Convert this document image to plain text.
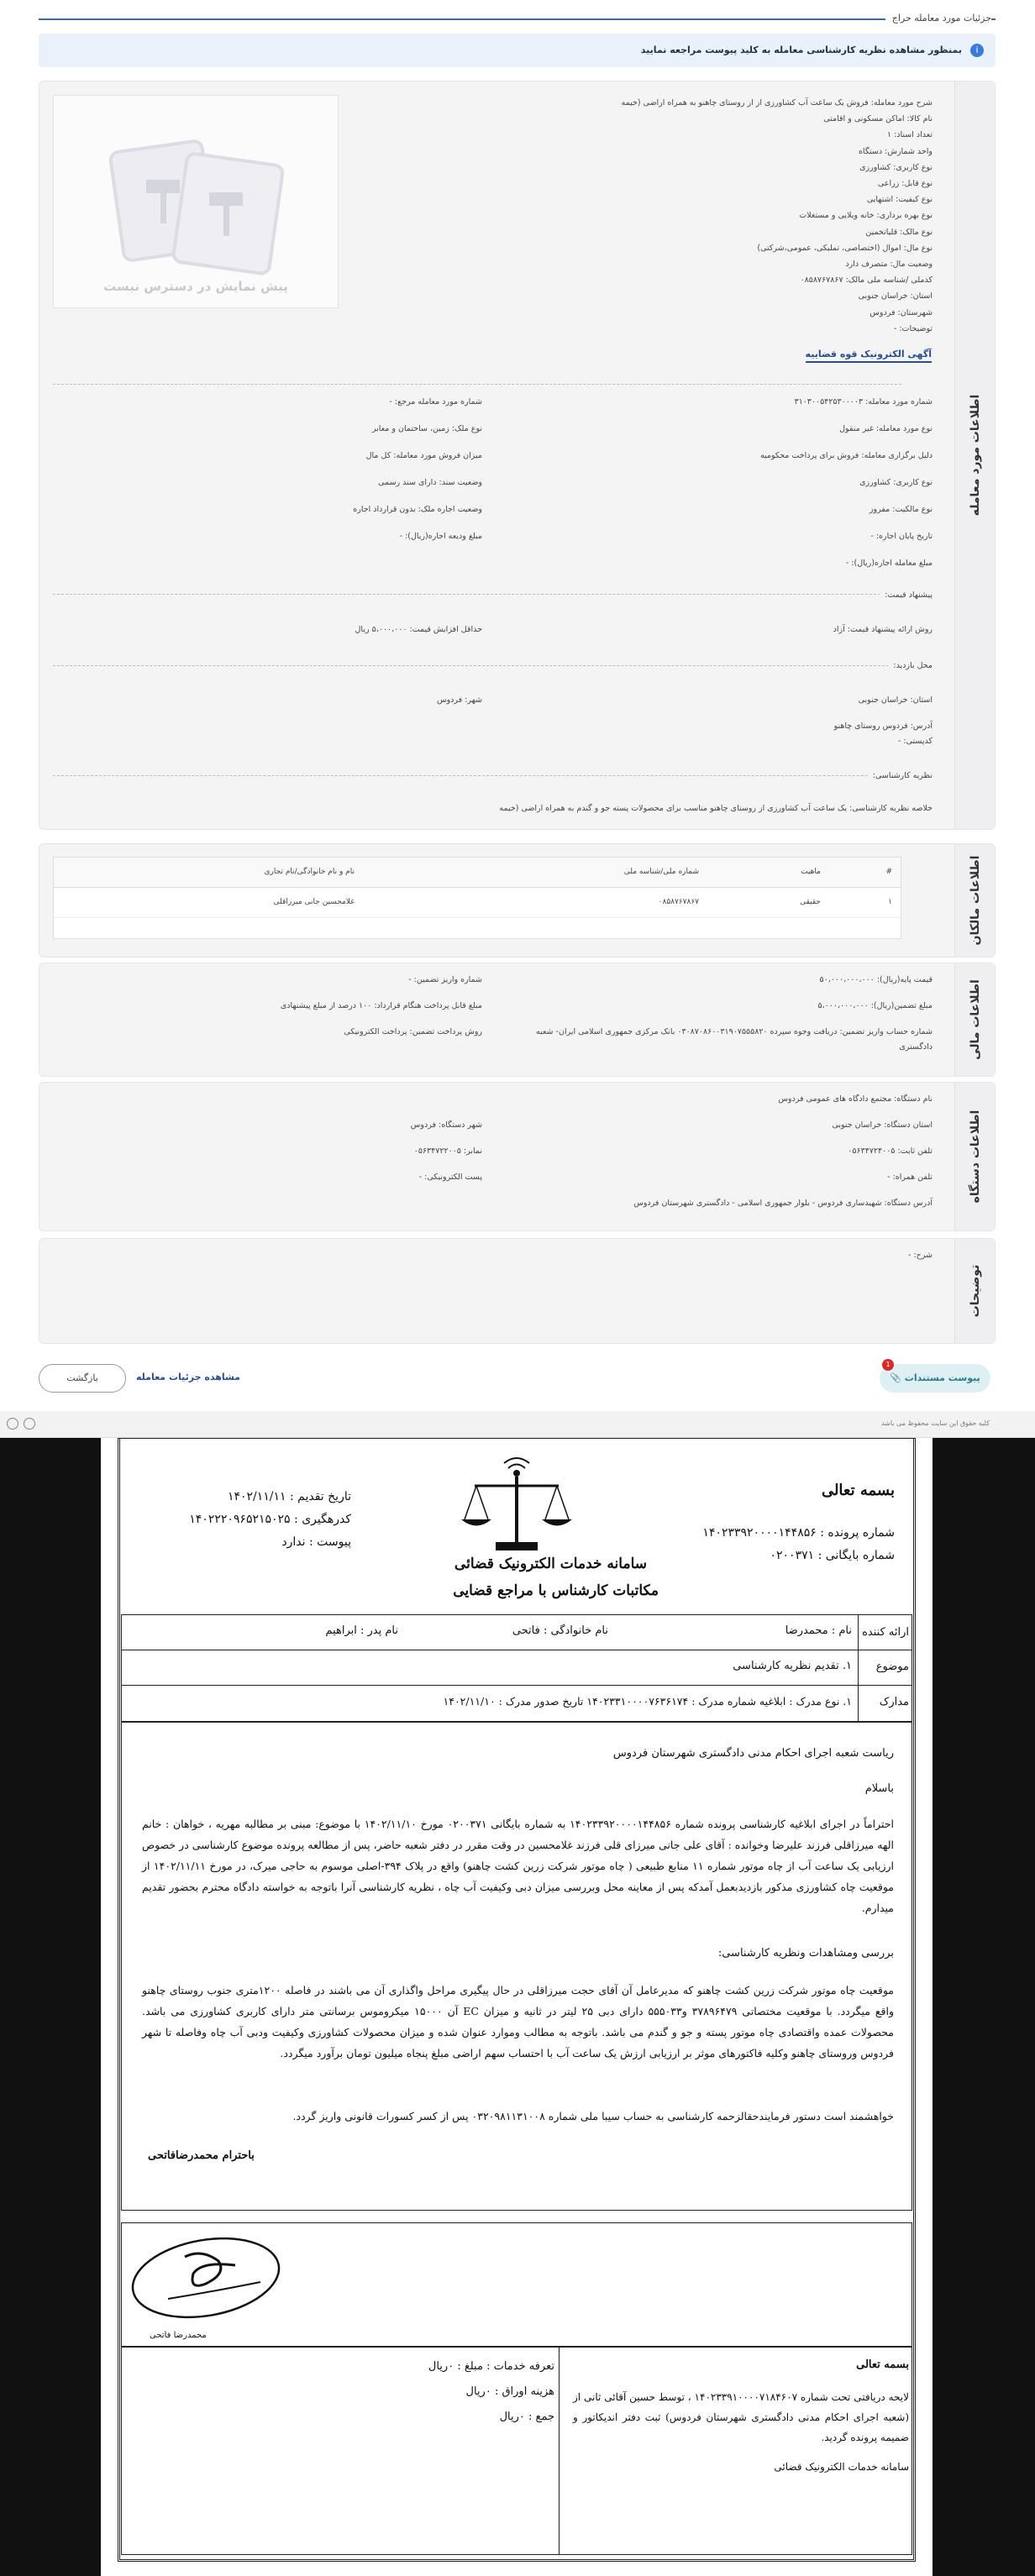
جزئیات مورد معامله حراج
i
بمنظور مشاهده نظریه کارشناسی معامله به کلید پیوست مراجعه نمایید
اطلاعات مورد معامله
پیش نمایش در دسترس نیست
شرح مورد معامله: فروش یک ساعت آب کشاورزی از از روستای چاهنو به همراه اراضی (خیمه
نام کالا: اماکن مسکونی و اقامتی
تعداد اسناد: ۱
واحد شمارش: دستگاه
نوع کاربری: کشاورزی
نوع قابل: زراعی
نوع کیفیت: اشتهایی
نوع بهره برداری: خانه ویلایی و مستغلات
نوع مالک: قلیاتخمین
نوع مال: اموال (اختصاصی، تملیکی، عمومی،شرکتی)
وضعیت مال: متصرف دارد
کدملی /شناسه ملی مالک: ۰۸۵۸۷۶۷۸۶۷
استان: خراسان جنوبی
شهرستان: فردوس
توضیحات: -
آگهی الکترونیک قوه قضاییه
شماره مورد معامله: ۳۱۰۳۰۰۵۴۲۵۳۰۰۰۰۳
شماره مورد معامله مرجع: -
نوع مورد معامله: غیر منقول
نوع ملک: زمین، ساختمان و معابر
دلیل برگزاری معامله: فروش برای پرداخت محکومیه
میزان فروش مورد معامله: کل مال
نوع کاربری: کشاورزی
وضعیت سند: دارای سند رسمی
نوع مالکیت: مفروز
وضعیت اجاره ملک: بدون قرارداد اجاره
تاریخ پایان اجاره: -
مبلغ ودیعه اجاره(ریال): -
مبلغ معامله اجاره(ریال): -
پیشنهاد قیمت:
روش ارائه پیشنهاد قیمت: آزاد
حداقل افزایش قیمت: ۵،۰۰۰،۰۰۰ ریال
محل بازدید:
استان: خراسان جنوبی
شهر: فردوس
آدرس: فردوس روستای چاهنو
کدپستی: -
نظریه کارشناسی:
خلاصه نظریه کارشناسی: یک ساعت آب کشاورزی از روستای چاهنو مناسب برای محصولات پسته جو و گندم به همراه اراضی (خیمه
اطلاعات مالکان
#
ماهیت
شماره ملی/شناسه ملی
نام و نام خانوادگی/نام تجاری
۱
حقیقی
۰۸۵۸۷۶۷۸۶۷
غلامحسین جانی میرزاقلی
اطلاعات مالی
قیمت پایه(ریال): ۵۰،۰۰۰،۰۰۰،۰۰۰
شماره واریز تضمین: -
مبلغ تضمین(ریال): ۵،۰۰۰،۰۰۰،۰۰۰
مبلغ قابل پرداخت هنگام قرارداد: ۱۰۰ درصد از مبلغ پیشنهادی
شماره حساب واریز تضمین: دریافت وجوه سپرده ۰۳۰۸۷۰۸۶۰۰۳۱۹۰۷۵۵۵۸۲۰ بانک مرکزی جمهوری اسلامی ایران- شعبه
دادگستری
روش پرداخت تضمین: پرداخت الکترونیکی
اطلاعات دستگاه
نام دستگاه: مجتمع دادگاه های عمومی فردوس
استان دستگاه: خراسان جنوبی
شهر دستگاه: فردوس
تلفن ثابت: ۰۵۶۳۴۷۲۴۰۰۵
نمابر: ۰۵۶۳۴۷۲۲۰۰۵
تلفن همراه: -
پست الکترونیکی: -
آدرس دستگاه: شهیدساری فردوس - بلوار جمهوری اسلامی - دادگستری شهرستان فردوس
توضیحات
شرح: -
📎 پیوست مستندات
1
مشاهده جزئیات معامله
بازگشت
کلیه حقوق این سایت محفوظ می باشد
بسمه تعالی
شماره پرونده : ۱۴۰۲۳۳۹۲۰۰۰۰۱۴۴۸۵۶
شماره بایگانی : ۰۲۰۰۳۷۱
سامانه خدمات الکترونیک قضائی
مکاتبات کارشناس با مراجع قضایی
تاریخ تقدیم : ۱۴۰۲/۱۱/۱۱
کدرهگیری : ۱۴۰۲۲۲۰۹۶۵۲۱۵۰۲۵
پیوست : ندارد
ارائه کننده
نام : محمدرضا
نام خانوادگی : فاتحی
نام پدر : ابراهیم
موضوع
۱. تقدیم نظریه کارشناسی
مدارک
۱. نوع مدرک : ابلاغیه شماره مدرک : ۱۴۰۲۳۳۱۰۰۰۰۷۶۳۶۱۷۴ تاریخ صدور مدرک : ۱۴۰۲/۱۱/۱۰
ریاست شعبه اجرای احکام مدنی دادگستری شهرستان فردوس
باسلام
احتراماً در اجرای ابلاغیه کارشناسی پرونده شماره ۱۴۰۲۳۳۹۲۰۰۰۰۱۴۴۸۵۶ به شماره بایگانی ۰۲۰۰۳۷۱ مورخ ۱۴۰۲/۱۱/۱۰ با موضوع: مبنی بر مطالبه مهریه ، خواهان : خانم الهه میرزاقلی فرزند علیرضا وخوانده : آقای علی جانی میرزای قلی فرزند غلامحسین در وقت مقرر در دفتر شعبه حاضر، پس از مطالعه پرونده موضوع کارشناسی در خصوص ارزیابی یک ساعت آب از چاه موتور شماره ۱۱ منابع طبیعی ( چاه موتور شرکت زرین کشت چاهنو) واقع در پلاک ۳۹۴-اصلی موسوم به حاجی میرک، در مورخ ۱۴۰۲/۱۱/۱۱ از موقعیت چاه کشاورزی مذکور بازدیدبعمل آمدکه پس از معاینه محل وبررسی میزان دبی وکیفیت آب چاه ، نظریه کارشناسی آنرا باتوجه به خواسته دادگاه محترم بحضور تقدیم میدارم.
بررسی ومشاهدات ونظریه کارشناسی:
موقعیت چاه موتور شرکت زرین کشت چاهنو که مدیرعامل آن آقای حجت میرزاقلی در حال پیگیری مراحل واگذاری آن می باشند در فاصله ۱۲۰۰متری جنوب روستای چاهنو واقع میگردد. با موقعیت مختصاتی ۳۷۸۹۶۴۷۹ و۵۵۵۰۳۳ دارای دبی ۲۵ لیتر در ثانیه و میزان EC آن ۱۵۰۰۰ میکروموس برسانتی متر دارای کاربری کشاورزی می باشد. محصولات عمده واقتصادی چاه موتور پسته و جو و گندم می باشد. باتوجه به مطالب وموارد عنوان شده و میزان محصولات کشاورزی وکیفیت ودبی آب چاه وفاصله تا شهر فردوس وروستای چاهنو وکلیه فاکتورهای موثر بر ارزیابی ارزش یک ساعت آب با احتساب سهم اراضی مبلغ پنجاه میلیون تومان برآورد میگردد.
خواهشمند است دستور فرمایندحقالزحمه کارشناسی به حساب سیبا ملی شماره ۰۳۲۰۹۸۱۱۳۱۰۰۸ پس از کسر کسورات قانونی واریز گردد.
باحترام محمدرضافاتحی
محمدرضا فاتحی
بسمه تعالی
لایحه دریافتی تحت شماره ۱۴۰۲۳۳۹۱۰۰۰۰۷۱۸۴۶۰۷ ، توسط حسین آقائی ثانی از (شعبه اجرای احکام مدنی دادگستری شهرستان فردوس) ثبت دفتر اندیکاتور و ضمیمه پرونده گردید.
سامانه خدمات الکترونیک قضائی
تعرفه خدمات : مبلغ : ۰ریال
هزینه اوراق : ۰ریال
جمع : ۰ریال
